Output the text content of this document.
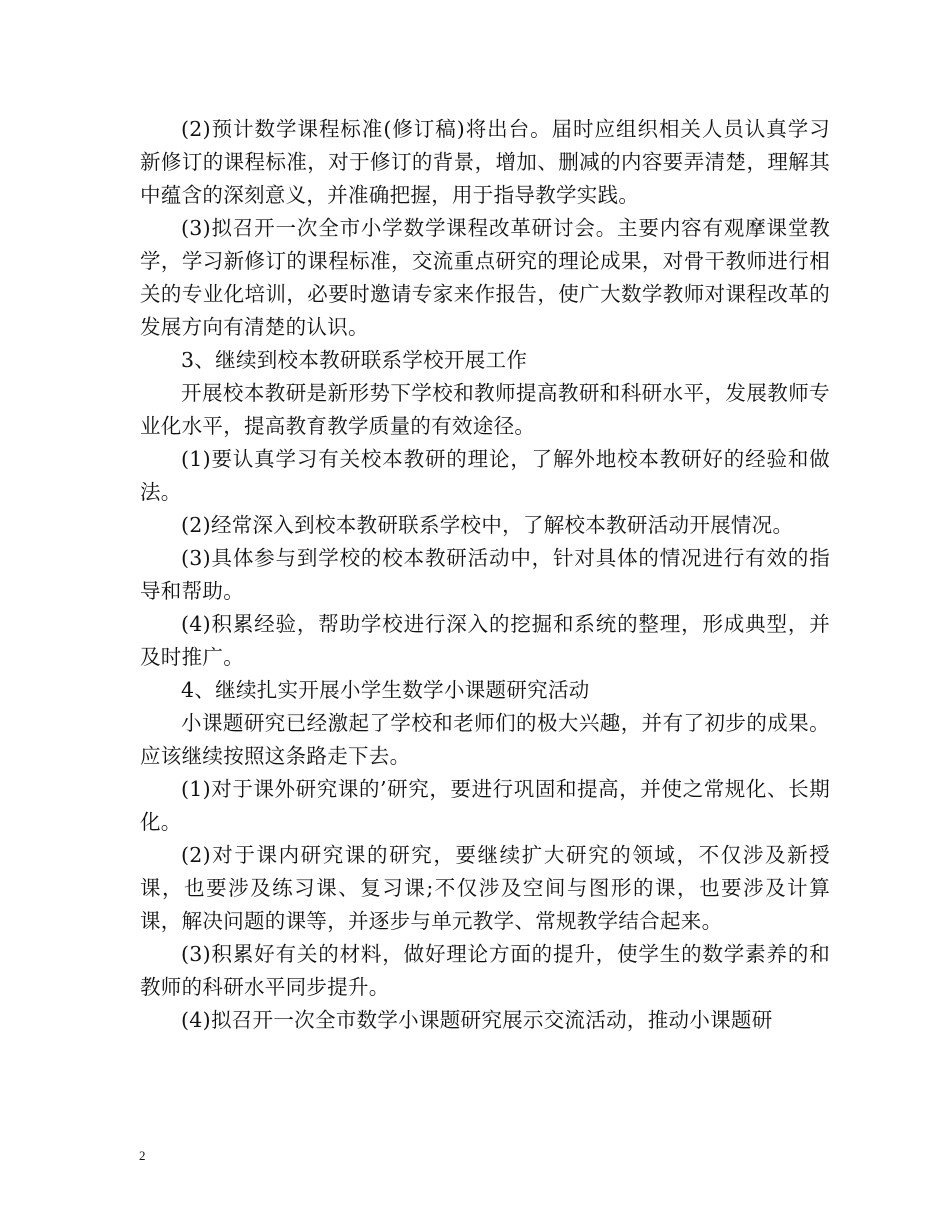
(2)预计数学课程标准(修订稿)将出台。届时应组织相关人员认真学习新修订的课程标准，对于修订的背景，增加、删减的内容要弄清楚，理解其中蕴含的深刻意义，并准确把握，用于指导教学实践。

(3)拟召开一次全市小学数学课程改革研讨会。主要内容有观摩课堂教学，学习新修订的课程标准，交流重点研究的理论成果，对骨干教师进行相关的专业化培训，必要时邀请专家来作报告，使广大数学教师对课程改革的发展方向有清楚的认识。

3、继续到校本教研联系学校开展工作

开展校本教研是新形势下学校和教师提高教研和科研水平，发展教师专业化水平，提高教育教学质量的有效途径。

(1)要认真学习有关校本教研的理论，了解外地校本教研好的经验和做法。

(2)经常深入到校本教研联系学校中，了解校本教研活动开展情况。

(3)具体参与到学校的校本教研活动中，针对具体的情况进行有效的指导和帮助。

(4)积累经验，帮助学校进行深入的挖掘和系统的整理，形成典型，并及时推广。

4、继续扎实开展小学生数学小课题研究活动

小课题研究已经激起了学校和老师们的极大兴趣，并有了初步的成果。应该继续按照这条路走下去。

(1)对于课外研究课的’研究，要进行巩固和提高，并使之常规化、长期化。

(2)对于课内研究课的研究，要继续扩大研究的领域，不仅涉及新授课，也要涉及练习课、复习课;不仅涉及空间与图形的课，也要涉及计算课，解决问题的课等，并逐步与单元教学、常规教学结合起来。

(3)积累好有关的材料，做好理论方面的提升，使学生的数学素养的和教师的科研水平同步提升。

(4)拟召开一次全市数学小课题研究展示交流活动，推动小课题研

2
